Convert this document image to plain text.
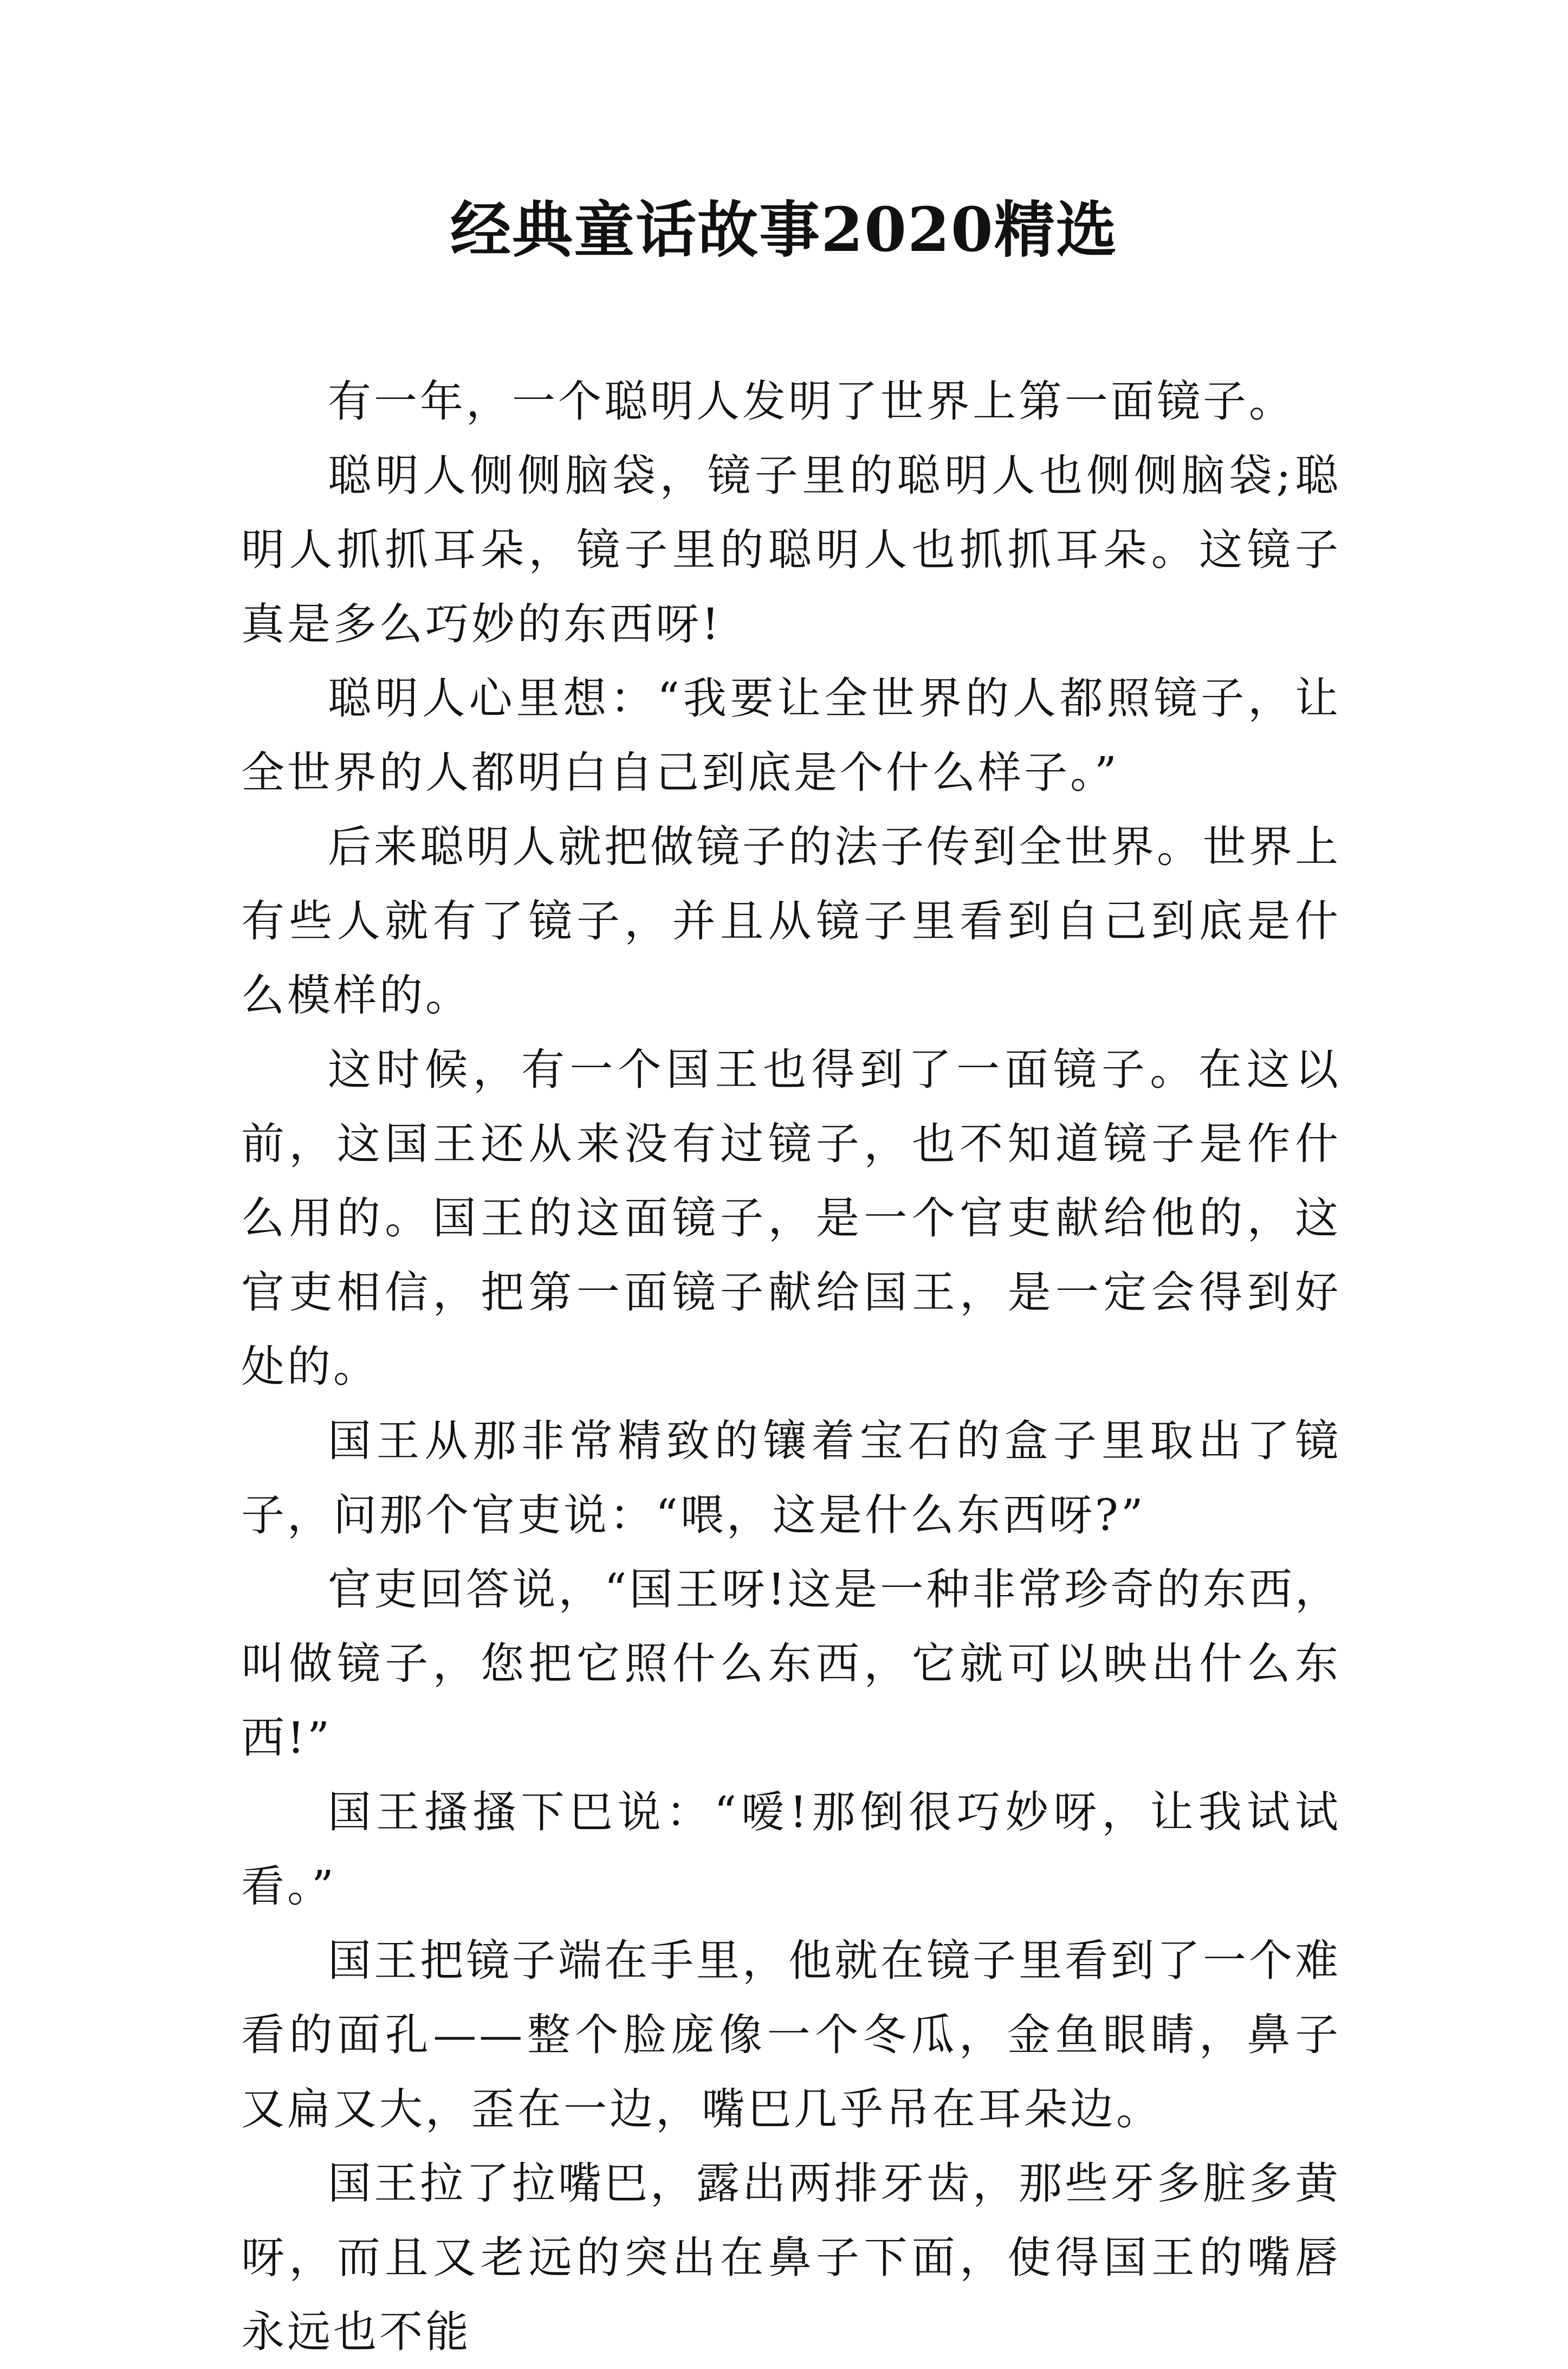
经典童话故事2020精选

有一年，一个聪明人发明了世界上第一面镜子。

聪明人侧侧脑袋，镜子里的聪明人也侧侧脑袋;聪明人抓抓耳朵，镜子里的聪明人也抓抓耳朵。这镜子真是多么巧妙的东西呀!

聪明人心里想：“我要让全世界的人都照镜子，让全世界的人都明白自己到底是个什么样子。”

后来聪明人就把做镜子的法子传到全世界。世界上有些人就有了镜子，并且从镜子里看到自己到底是什么模样的。

这时候，有一个国王也得到了一面镜子。在这以前，这国王还从来没有过镜子，也不知道镜子是作什么用的。国王的这面镜子，是一个官吏献给他的，这官吏相信，把第一面镜子献给国王，是一定会得到好处的。

国王从那非常精致的镶着宝石的盒子里取出了镜子，问那个官吏说：“喂，这是什么东西呀?”

官吏回答说，“国王呀!这是一种非常珍奇的东西，叫做镜子，您把它照什么东西，它就可以映出什么东西!”

国王搔搔下巴说：“嗳!那倒很巧妙呀，让我试试看。”

国王把镜子端在手里，他就在镜子里看到了一个难看的面孔——整个脸庞像一个冬瓜，金鱼眼睛，鼻子又扁又大，歪在一边，嘴巴几乎吊在耳朵边。

国王拉了拉嘴巴，露出两排牙齿，那些牙多脏多黄呀，而且又老远的突出在鼻子下面，使得国王的嘴唇永远也不能
